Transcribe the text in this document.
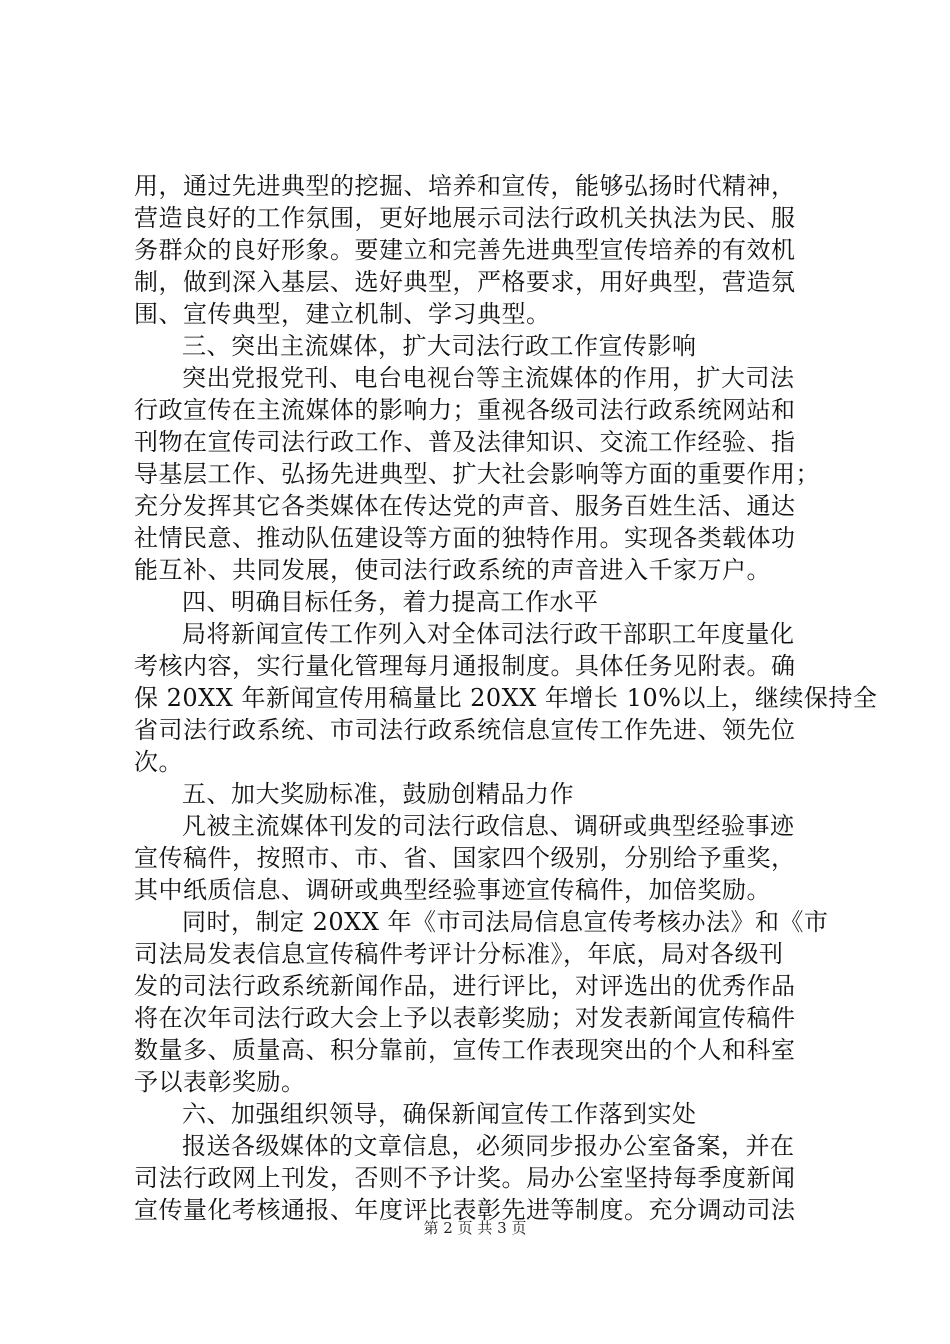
用，通过先进典型的挖掘、培养和宣传，能够弘扬时代精神，
营造良好的工作氛围，更好地展示司法行政机关执法为民、服
务群众的良好形象。要建立和完善先进典型宣传培养的有效机
制，做到深入基层、选好典型，严格要求，用好典型，营造氛
围、宣传典型，建立机制、学习典型。
三、突出主流媒体，扩大司法行政工作宣传影响
突出党报党刊、电台电视台等主流媒体的作用，扩大司法
行政宣传在主流媒体的影响力；重视各级司法行政系统网站和
刊物在宣传司法行政工作、普及法律知识、交流工作经验、指
导基层工作、弘扬先进典型、扩大社会影响等方面的重要作用；
充分发挥其它各类媒体在传达党的声音、服务百姓生活、通达
社情民意、推动队伍建设等方面的独特作用。实现各类载体功
能互补、共同发展，使司法行政系统的声音进入千家万户。
四、明确目标任务，着力提高工作水平
局将新闻宣传工作列入对全体司法行政干部职工年度量化
考核内容，实行量化管理每月通报制度。具体任务见附表。确
保 20XX 年新闻宣传用稿量比 20XX 年增长 10%以上，继续保持全
省司法行政系统、市司法行政系统信息宣传工作先进、领先位
次。
五、加大奖励标准，鼓励创精品力作
凡被主流媒体刊发的司法行政信息、调研或典型经验事迹
宣传稿件，按照市、市、省、国家四个级别，分别给予重奖，
其中纸质信息、调研或典型经验事迹宣传稿件，加倍奖励。
同时，制定 20XX 年《市司法局信息宣传考核办法》和《市
司法局发表信息宣传稿件考评计分标准》，年底，局对各级刊
发的司法行政系统新闻作品，进行评比，对评选出的优秀作品
将在次年司法行政大会上予以表彰奖励；对发表新闻宣传稿件
数量多、质量高、积分靠前，宣传工作表现突出的个人和科室
予以表彰奖励。
六、加强组织领导，确保新闻宣传工作落到实处
报送各级媒体的文章信息，必须同步报办公室备案，并在
司法行政网上刊发，否则不予计奖。局办公室坚持每季度新闻
宣传量化考核通报、年度评比表彰先进等制度。充分调动司法
第 2 页 共 3 页
